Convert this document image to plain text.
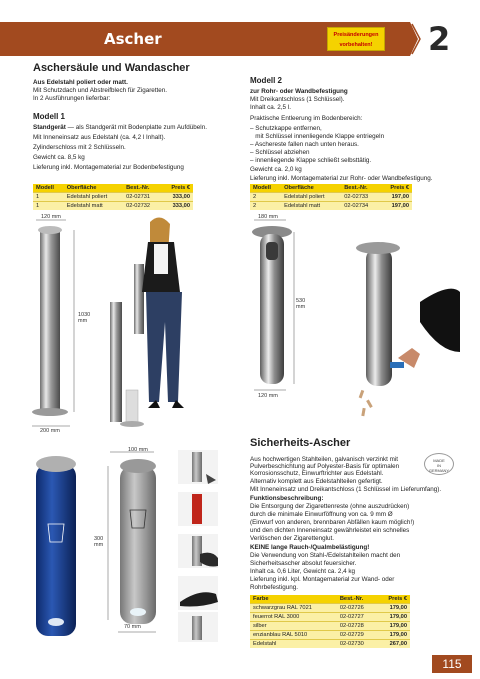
Ascher	Preisänderungen
vorbehalten!	2
Aschersäule und Wandascher
Aus Edelstahl poliert oder matt.
Mit Schutzdach und Abstreifblech für Zigaretten.
In 2 Ausführungen lieferbar:
Modell 1
Standgerät — als Standgerät mit Bodenplatte zum Aufdübeln.
Mit Inneneinsatz aus Edelstahl (ca. 4,2 l Inhalt).
Zylinderschloss mit 2 Schlüsseln.
Gewicht ca. 8,5 kg
Lieferung inkl. Montagematerial zur Bodenbefestigung
Modell	Oberfläche	Best.-Nr.	Preis €
1	Edelstahl poliert	02-02731	333,00
1	Edelstahl matt	02-02732	333,00
120 mm
1030 mm
200 mm
Modell 2
zur Rohr- oder Wandbefestigung
Mit Dreikantschloss (1 Schlüssel).
Inhalt ca. 2,5 l.
Praktische Entleerung im Bodenbereich:
– Schutzkappe entfernen,
mit Schlüssel innenliegende Klappe entriegeln
– Aschereste fallen nach unten heraus.
– Schlüssel abziehen
– innenliegende Klappe schließt selbsttätig.
Gewicht ca. 2,0 kg
Lieferung inkl. Montagematerial zur Rohr- oder Wandbefestigung.
Modell	Oberfläche	Best.-Nr.	Preis €
2	Edelstahl poliert	02-02733	197,00
2	Edelstahl matt	02-02734	197,00
180 mm
530 mm
120 mm
100 mm
300 mm
70 mm
Sicherheits-Ascher
MADE
IN
GERMANY
Aus hochwertigen Stahlteilen, galvanisch verzinkt mit
Pulverbeschichtung auf Polyester-Basis für optimalen
Korrosionsschutz, Einwurftrichter aus Edelstahl.
Alternativ komplett aus Edelstahlteilen gefertigt.
Mit Inneneinsatz und Dreikantschloss (1 Schlüssel im Lieferumfang).
Funktionsbeschreibung:
Die Entsorgung der Zigarettenreste (ohne auszudrücken)
durch die minimale Einwurföffnung von ca. 9 mm Ø
(Einwurf von anderen, brennbaren Abfällen kaum möglich!)
und den dichten Inneneinsatz gewährleistet ein schnelles
Verlöschen der Zigarettenglut.
KEINE lange Rauch-/Qualmbelästigung!
Die Verwendung von Stahl-/Edelstahlteilen macht den
Sicherheitsascher absolut feuersicher.
Inhalt ca. 0,6 Liter, Gewicht ca. 2,4 kg
Lieferung inkl. kpl. Montagematerial zur Wand- oder
Rohrbefestigung.
Farbe	Best.-Nr.	Preis €
schwarzgrau RAL 7021	02-02726	179,00
feuerrot RAL 3000	02-02727	179,00
silber	02-02728	179,00
enzianblau RAL 5010	02-02729	179,00
Edelstahl	02-02730	267,00
115
